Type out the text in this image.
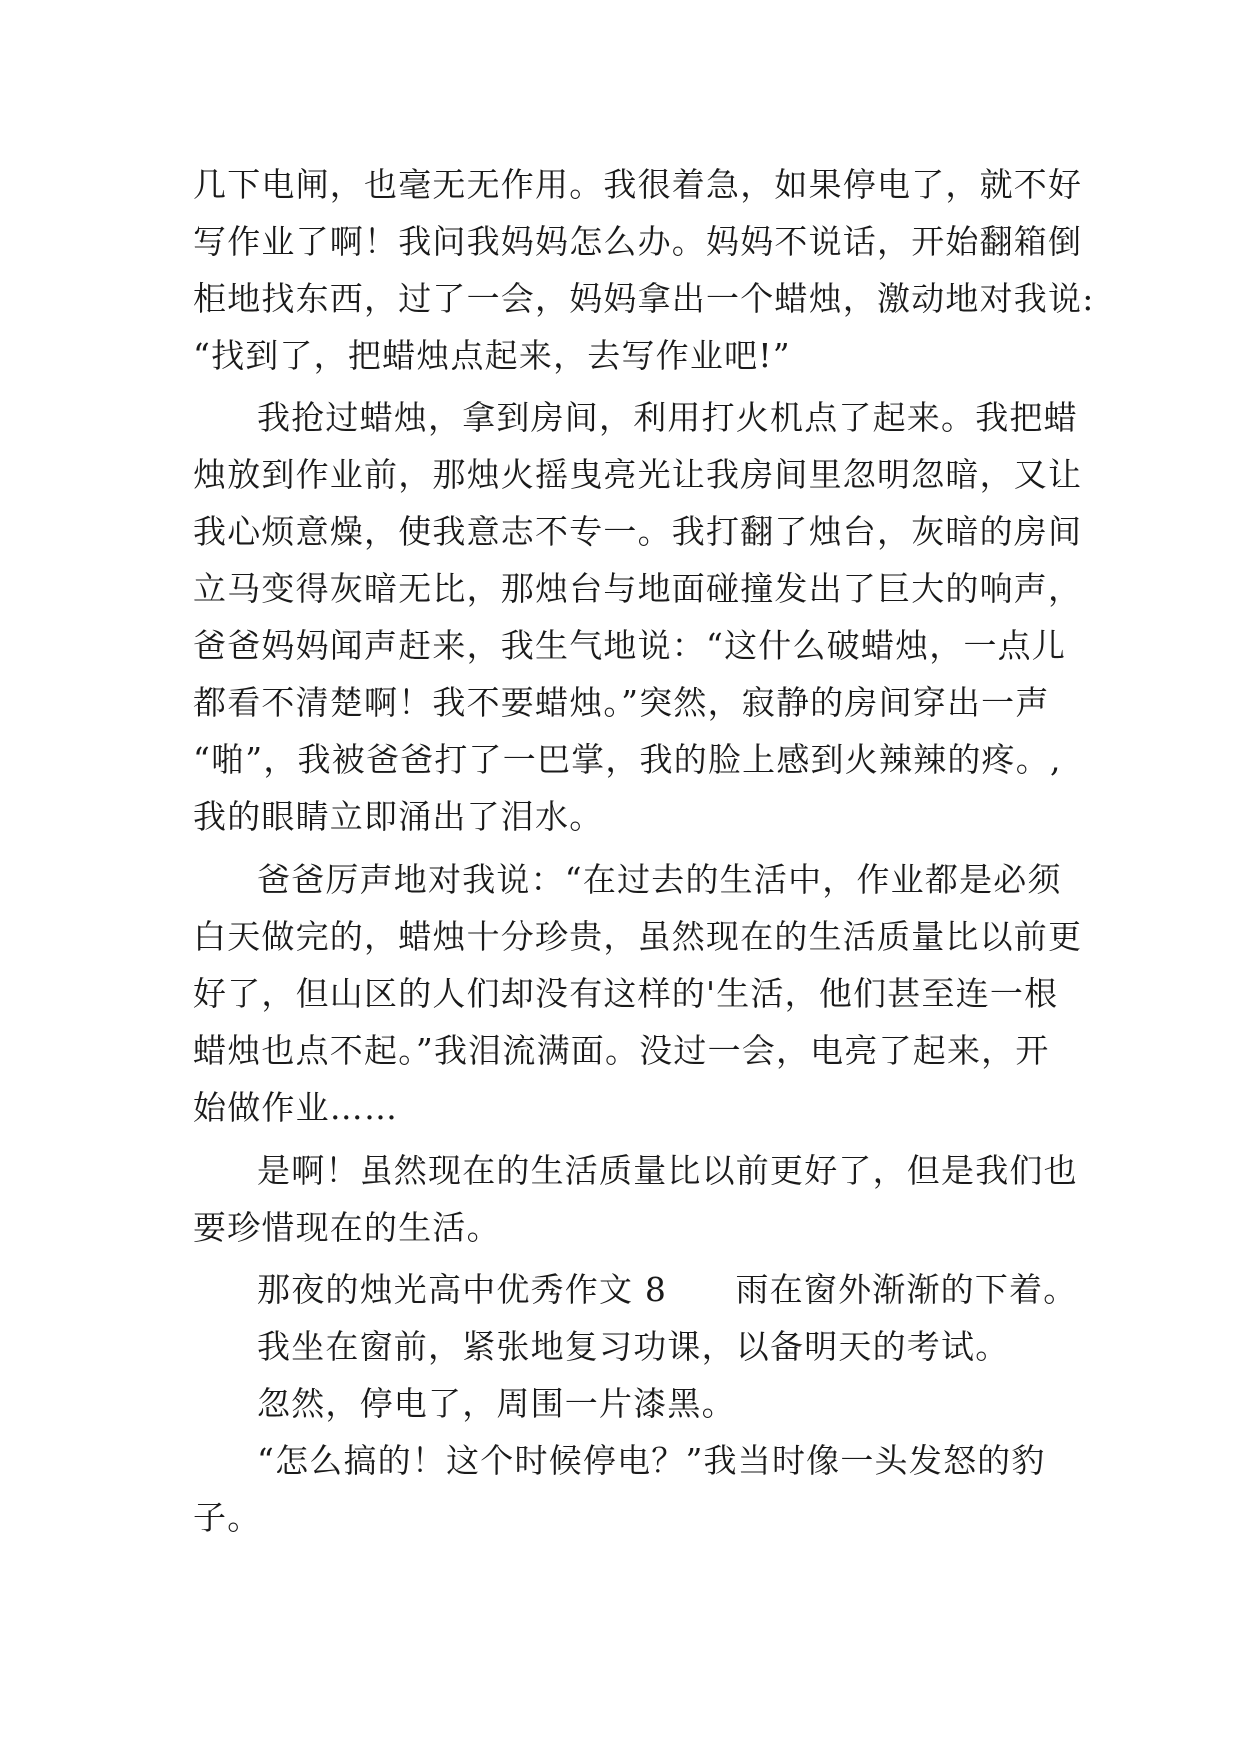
几下电闸，也毫无无作用。我很着急，如果停电了，就不好
写作业了啊！我问我妈妈怎么办。妈妈不说话，开始翻箱倒
柜地找东西，过了一会，妈妈拿出一个蜡烛，激动地对我说:
“找到了，把蜡烛点起来，去写作业吧!”
我抢过蜡烛，拿到房间，利用打火机点了起来。我把蜡
烛放到作业前，那烛火摇曳亮光让我房间里忽明忽暗，又让
我心烦意燥，使我意志不专一。我打翻了烛台，灰暗的房间
立马变得灰暗无比，那烛台与地面碰撞发出了巨大的响声，
爸爸妈妈闻声赶来，我生气地说：“这什么破蜡烛，一点儿
都看不清楚啊！我不要蜡烛。”突然，寂静的房间穿出一声
“啪”，我被爸爸打了一巴掌，我的脸上感到火辣辣的疼。,
我的眼睛立即涌出了泪水。
爸爸厉声地对我说：“在过去的生活中，作业都是必须
白天做完的，蜡烛十分珍贵，虽然现在的生活质量比以前更
好了，但山区的人们却没有这样的'生活，他们甚至连一根
蜡烛也点不起。”我泪流满面。没过一会，电亮了起来，开
始做作业……
是啊！虽然现在的生活质量比以前更好了，但是我们也
要珍惜现在的生活。
那夜的烛光高中优秀作文 8　　雨在窗外渐渐的下着。
我坐在窗前，紧张地复习功课，以备明天的考试。
忽然，停电了，周围一片漆黑。
“怎么搞的！这个时候停电？”我当时像一头发怒的豹
子。
